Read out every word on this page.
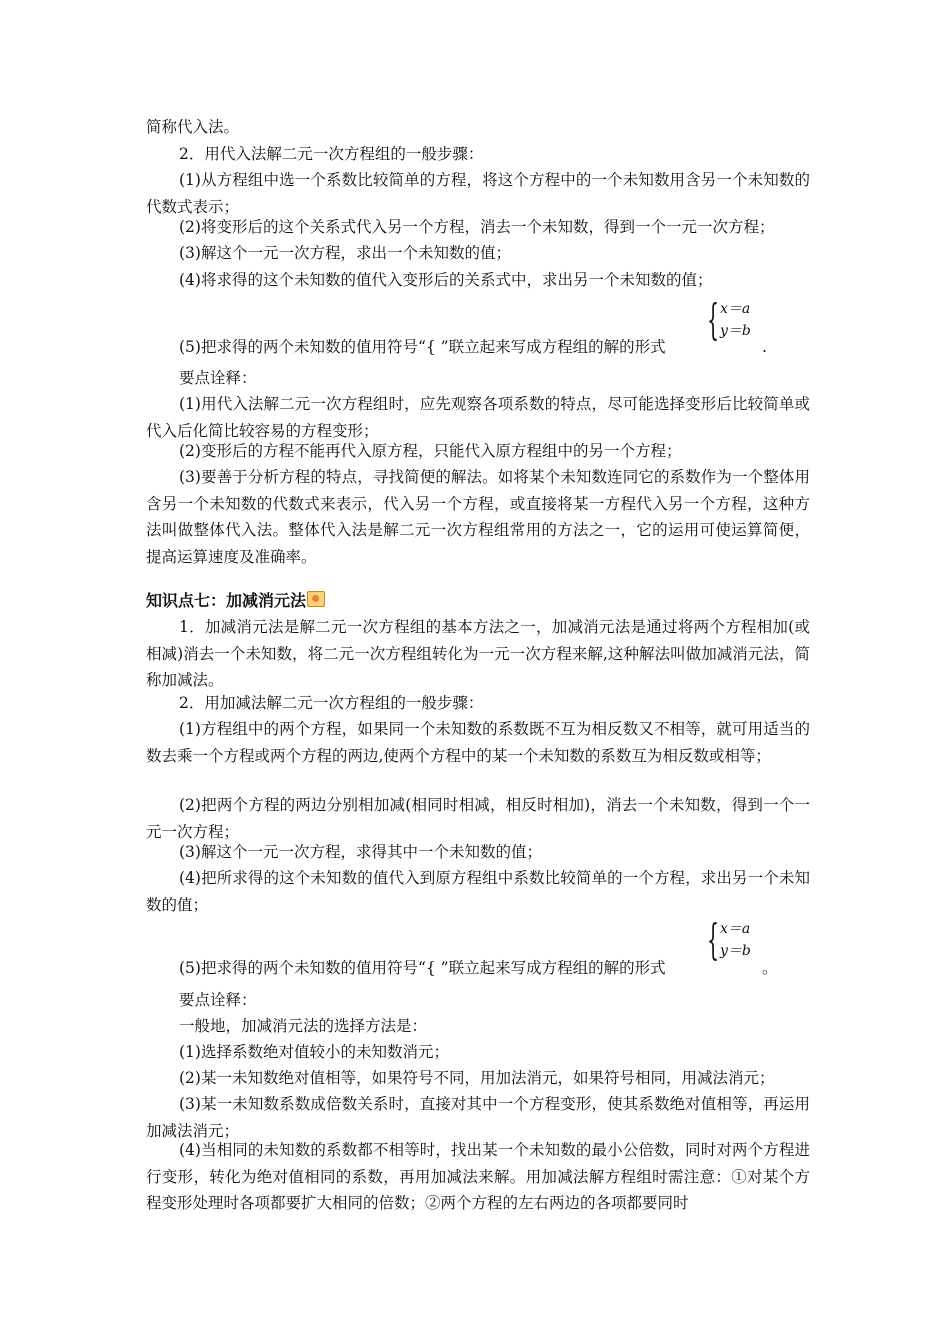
简称代入法。

2．用代入法解二元一次方程组的一般步骤：

(1)从方程组中选一个系数比较简单的方程，将这个方程中的一个未知数用含另一个未知数的代数式表示；

(2)将变形后的这个关系式代入另一个方程，消去一个未知数，得到一个一元一次方程；

(3)解这个一元一次方程，求出一个未知数的值；

(4)将求得的这个未知数的值代入变形后的关系式中，求出另一个未知数的值；

{ x＝a
y＝b

(5)把求得的两个未知数的值用符号“{ ”联立起来写成方程组的解的形式	.

要点诠释：

(1)用代入法解二元一次方程组时，应先观察各项系数的特点，尽可能选择变形后比较简单或代入后化简比较容易的方程变形；

(2)变形后的方程不能再代入原方程，只能代入原方程组中的另一个方程；

(3)要善于分析方程的特点，寻找简便的解法。如将某个未知数连同它的系数作为一个整体用含另一个未知数的代数式来表示，代入另一个方程，或直接将某一方程代入另一个方程，这种方法叫做整体代入法。整体代入法是解二元一次方程组常用的方法之一，它的运用可使运算简便，提高运算速度及准确率。

知识点七：加减消元法

1．加减消元法是解二元一次方程组的基本方法之一，加减消元法是通过将两个方程相加(或相减)消去一个未知数，将二元一次方程组转化为一元一次方程来解,这种解法叫做加减消元法，简称加减法。

2．用加减法解二元一次方程组的一般步骤：

(1)方程组中的两个方程，如果同一个未知数的系数既不互为相反数又不相等，就可用适当的数去乘一个方程或两个方程的两边,使两个方程中的某一个未知数的系数互为相反数或相等；

(2)把两个方程的两边分别相加减(相同时相减，相反时相加)，消去一个未知数，得到一个一元一次方程；

(3)解这个一元一次方程，求得其中一个未知数的值；

(4)把所求得的这个未知数的值代入到原方程组中系数比较简单的一个方程，求出另一个未知数的值；

{ x＝a
y＝b

(5)把求得的两个未知数的值用符号“{ ”联立起来写成方程组的解的形式	。

要点诠释：

一般地，加减消元法的选择方法是：

(1)选择系数绝对值较小的未知数消元；

(2)某一未知数绝对值相等，如果符号不同，用加法消元，如果符号相同，用减法消元；

(3)某一未知数系数成倍数关系时，直接对其中一个方程变形，使其系数绝对值相等，再运用加减法消元；

(4)当相同的未知数的系数都不相等时，找出某一个未知数的最小公倍数，同时对两个方程进行变形，转化为绝对值相同的系数，再用加减法来解。用加减法解方程组时需注意：①对某个方程变形处理时各项都要扩大相同的倍数；②两个方程的左右两边的各项都要同时
